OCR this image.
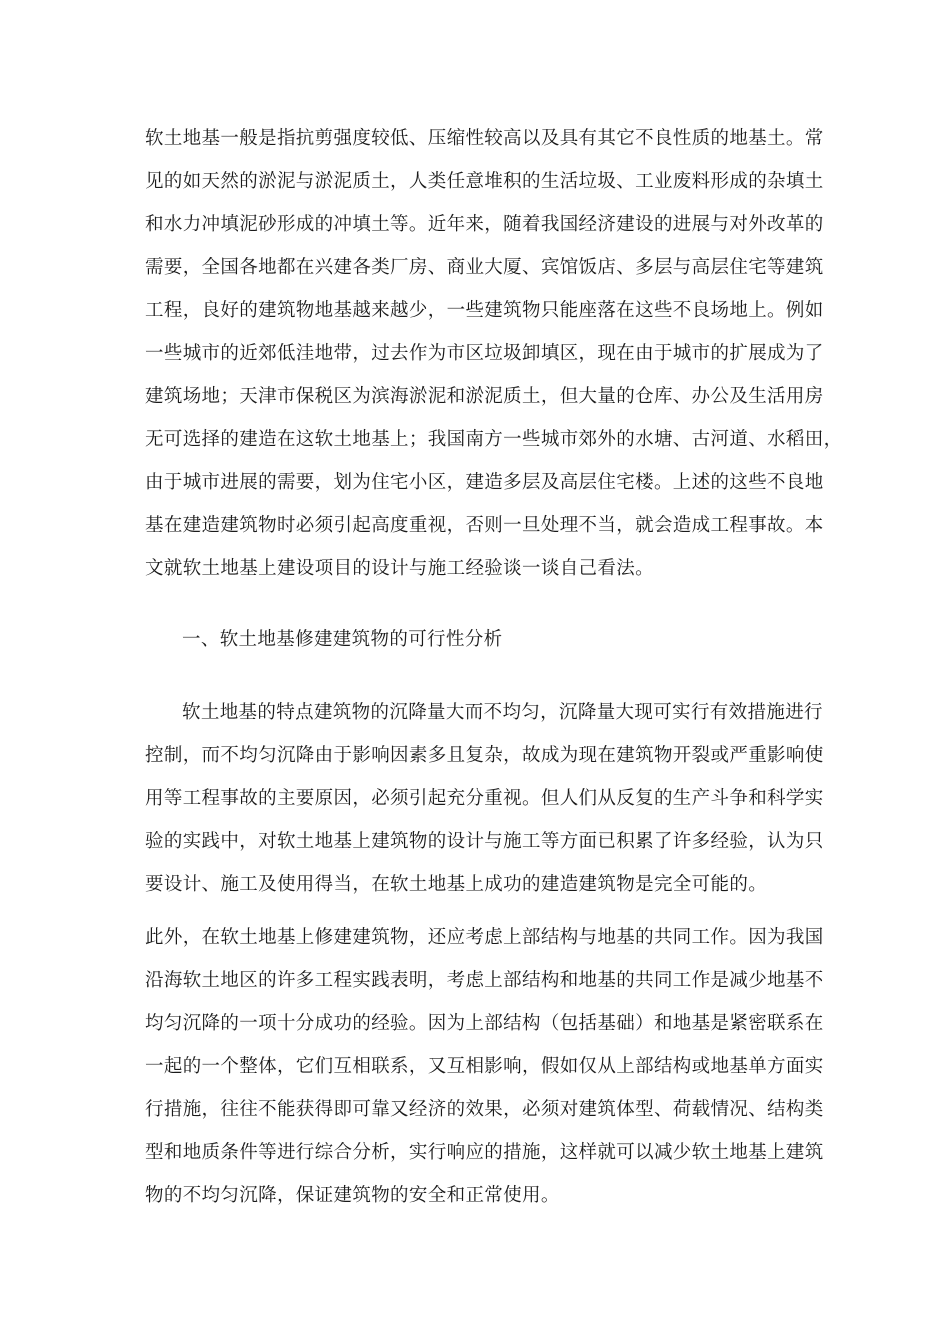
软土地基一般是指抗剪强度较低、压缩性较高以及具有其它不良性质的地基土。常
见的如天然的淤泥与淤泥质土，人类任意堆积的生活垃圾、工业废料形成的杂填土
和水力冲填泥砂形成的冲填土等。近年来，随着我国经济建设的进展与对外改革的
需要，全国各地都在兴建各类厂房、商业大厦、宾馆饭店、多层与高层住宅等建筑
工程，良好的建筑物地基越来越少，一些建筑物只能座落在这些不良场地上。例如
一些城市的近郊低洼地带，过去作为市区垃圾卸填区，现在由于城市的扩展成为了
建筑场地；天津市保税区为滨海淤泥和淤泥质土，但大量的仓库、办公及生活用房
无可选择的建造在这软土地基上；我国南方一些城市郊外的水塘、古河道、水稻田，
由于城市进展的需要，划为住宅小区，建造多层及高层住宅楼。上述的这些不良地
基在建造建筑物时必须引起高度重视，否则一旦处理不当，就会造成工程事故。本
文就软土地基上建设项目的设计与施工经验谈一谈自己看法。
一、软土地基修建建筑物的可行性分析
软土地基的特点建筑物的沉降量大而不均匀，沉降量大现可实行有效措施进行
控制，而不均匀沉降由于影响因素多且复杂，故成为现在建筑物开裂或严重影响使
用等工程事故的主要原因，必须引起充分重视。但人们从反复的生产斗争和科学实
验的实践中，对软土地基上建筑物的设计与施工等方面已积累了许多经验，认为只
要设计、施工及使用得当，在软土地基上成功的建造建筑物是完全可能的。
此外，在软土地基上修建建筑物，还应考虑上部结构与地基的共同工作。因为我国
沿海软土地区的许多工程实践表明，考虑上部结构和地基的共同工作是减少地基不
均匀沉降的一项十分成功的经验。因为上部结构（包括基础）和地基是紧密联系在
一起的一个整体，它们互相联系，又互相影响，假如仅从上部结构或地基单方面实
行措施，往往不能获得即可靠又经济的效果，必须对建筑体型、荷载情况、结构类
型和地质条件等进行综合分析，实行响应的措施，这样就可以减少软土地基上建筑
物的不均匀沉降，保证建筑物的安全和正常使用。
